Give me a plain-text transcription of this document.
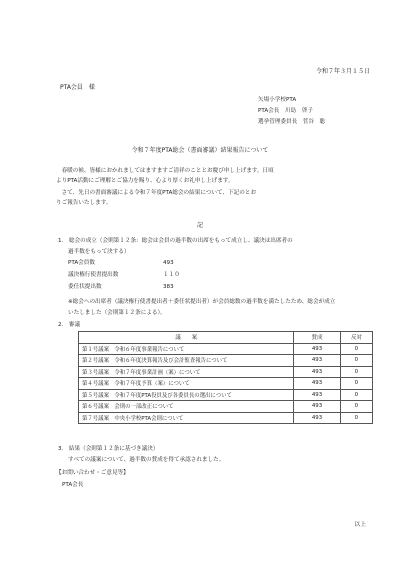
令和７年３月１５日
PTA会員　様
矢場小学校PTA
PTA会長　川島　啓子
選挙管理委員長　菅谷　聡
令和７年度PTA総会（書面審議）結果報告について
　春暖の候、皆様におかれましてはますますご清祥のこととお慶び申し上げます。日頃
よりPTA活動にご理解とご協力を賜り、心より厚くお礼申し上げます。
　さて、先日の書面審議による令和７年度PTA総会の結果について、下記のとお
りご報告いたします。
記
1.　総会の成立（会則第１２条：総会は会員の過半数の出席をもって成立し、議決は出席者の
過半数をもって決する）
PTA会員数	493
議決権行使書提出数	１１０
委任状提出数	383
※総会への出席者（議決権行使書提出者＋委任状提出者）が会員総数の過半数を満たしたため、総会が成立
いたしました（会則第１２条による）。
2.　審議
議　　案	賛成	反対
第１号議案　令和６年度事業報告について	493	0
第２号議案　令和６年度決算報告及び会計監査報告について	493	0
第３号議案　令和７年度事業計画（案）について	493	0
第４号議案　令和７年度予算（案）について	493	0
第５号議案　令和７年度PTA役員及び各委員長の選出について	493	0
第６号議案　会則の一部改正について	493	0
第７号議案　中央小学校PTA会則について	493	0
3.　結果（会則第１２条に基づき議決）
すべての議案について、過半数の賛成を得て承認されました。
【お問い合わせ・ご意見等】
PTA会長
以上
